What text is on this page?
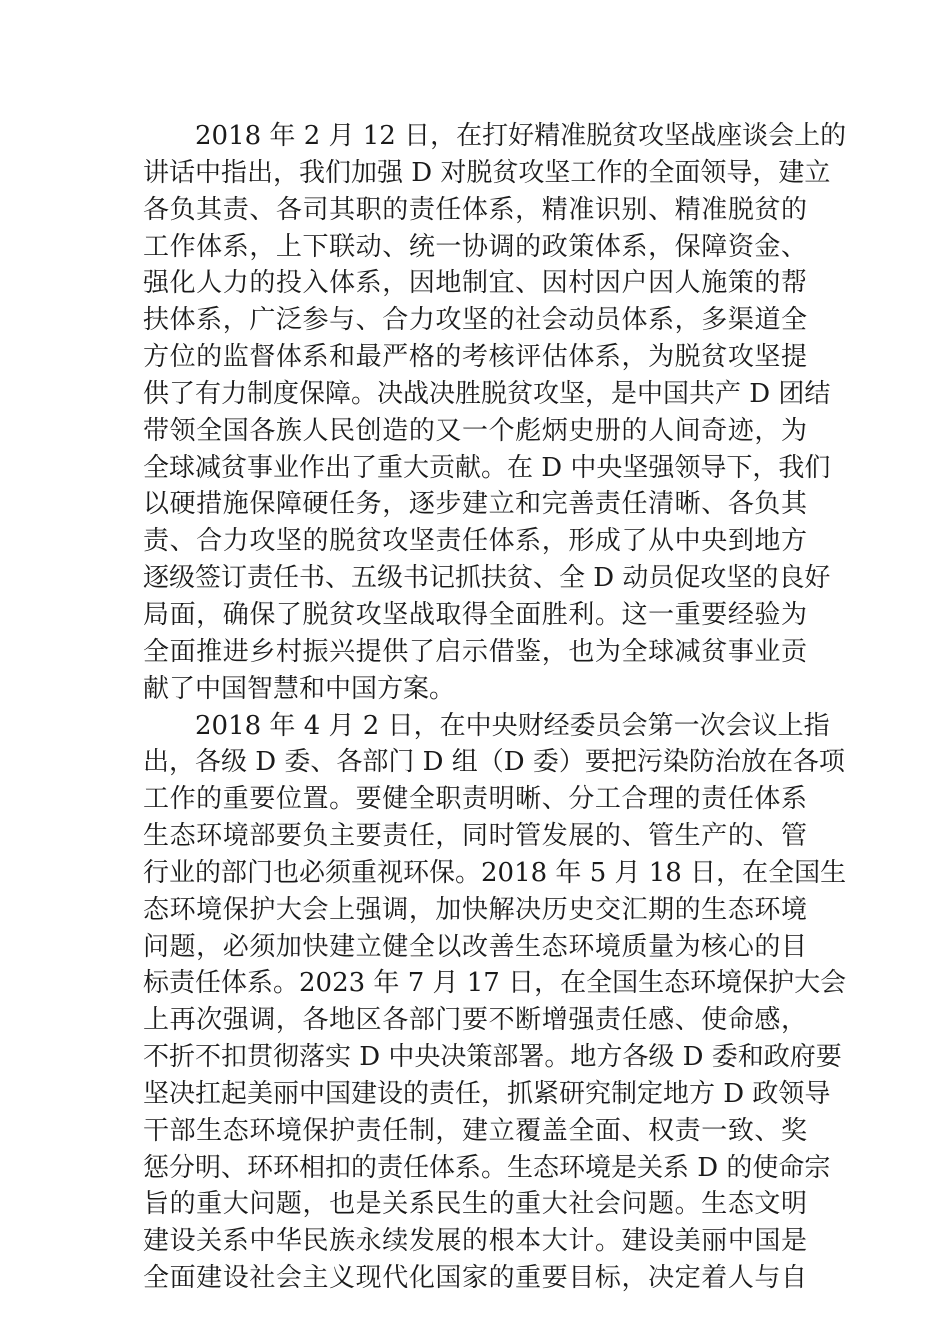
2018 年 2 月 12 日，在打好精准脱贫攻坚战座谈会上的
讲话中指出，我们加强 D 对脱贫攻坚工作的全面领导，建立
各负其责、各司其职的责任体系，精准识别、精准脱贫的
工作体系，上下联动、统一协调的政策体系，保障资金、
强化人力的投入体系，因地制宜、因村因户因人施策的帮
扶体系，广泛参与、合力攻坚的社会动员体系，多渠道全
方位的监督体系和最严格的考核评估体系，为脱贫攻坚提
供了有力制度保障。决战决胜脱贫攻坚，是中国共产 D 团结
带领全国各族人民创造的又一个彪炳史册的人间奇迹，为
全球减贫事业作出了重大贡献。在 D 中央坚强领导下，我们
以硬措施保障硬任务，逐步建立和完善责任清晰、各负其
责、合力攻坚的脱贫攻坚责任体系，形成了从中央到地方
逐级签订责任书、五级书记抓扶贫、全 D 动员促攻坚的良好
局面，确保了脱贫攻坚战取得全面胜利。这一重要经验为
全面推进乡村振兴提供了启示借鉴，也为全球减贫事业贡
献了中国智慧和中国方案。

2018 年 4 月 2 日，在中央财经委员会第一次会议上指
出，各级 D 委、各部门 D 组（D 委）要把污染防治放在各项
工作的重要位置。要健全职责明晰、分工合理的责任体系
生态环境部要负主要责任，同时管发展的、管生产的、管
行业的部门也必须重视环保。2018 年 5 月 18 日，在全国生
态环境保护大会上强调，加快解决历史交汇期的生态环境
问题，必须加快建立健全以改善生态环境质量为核心的目
标责任体系。2023 年 7 月 17 日，在全国生态环境保护大会
上再次强调，各地区各部门要不断增强责任感、使命感，
不折不扣贯彻落实 D 中央决策部署。地方各级 D 委和政府要
坚决扛起美丽中国建设的责任，抓紧研究制定地方 D 政领导
干部生态环境保护责任制，建立覆盖全面、权责一致、奖
惩分明、环环相扣的责任体系。生态环境是关系 D 的使命宗
旨的重大问题，也是关系民生的重大社会问题。生态文明
建设关系中华民族永续发展的根本大计。建设美丽中国是
全面建设社会主义现代化国家的重要目标，决定着人与自
